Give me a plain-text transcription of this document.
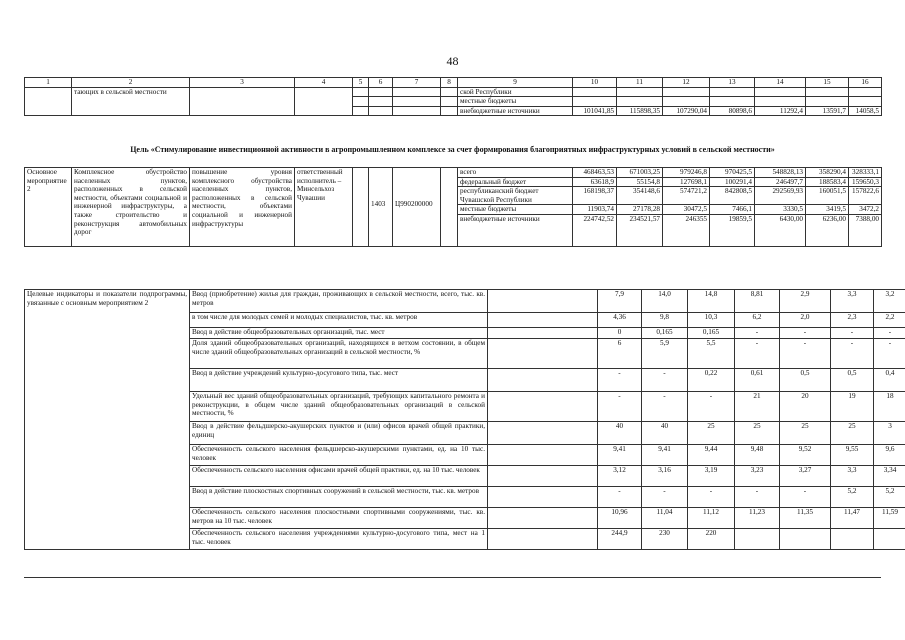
48
1	2	3	4	5	6	7	8	9	10	11	12	13	14	15	16
	тающих в сельской местности							ской Республики							
								местные бюджеты							
								внебюджетные источники	101041,85	115898,35	107290,04	80898,6	11292,4	13591,7	14058,5
Цель «Стимулирование инвестиционной активности в агропромышленном комплексе за счет формирования благоприятных инфраструктурных условий в сельской местности»
Основное мероприятие 2	Комплексное обустройство населенных пунктов, расположенных в сельской местности, объектами социальной и инженерной инфраструктуры, а также строительство и реконструкция автомобильных дорог	повышение уровня комплексного обустройства населенных пунктов, расположенных в сельской местности, объектами социальной и инженерной инфраструктуры	ответственный исполнитель – Минсельхоз Чувашии		1403	Ц990200000		всего	468463,53	671003,25	979246,8	970425,5	548828,13	358290,4	328333,1
								федеральный бюджет	63618,9	55154,8	127698,1	100291,4	246497,7	188583,4	159650,3
								республиканский бюджет Чувашской Республики	168198,37	354148,6	574721,2	842808,5	292569,93	160051,5	157822,6
								местные бюджеты	11903,74	27178,28	30472,5	7466,1	3330,5	3419,5	3472,2
								внебюджетные источники	224742,52	234521,57	246355	19859,5	6430,00	6236,00	7388,00
Целевые индикаторы и показатели подпрограммы, увязанные с основным мероприятием 2	Ввод (приобретение) жилья для граждан, проживающих в сельской местности, всего, тыс. кв. метров		7,9	14,0	14,8	8,81	2,9	3,3	3,2
	в том числе для молодых семей и молодых специалистов, тыс. кв. метров		4,36	9,8	10,3	6,2	2,0	2,3	2,2
	Ввод в действие общеобразовательных организаций, тыс. мест		0	0,165	0,165	-	-	-	-
	Доля зданий общеобразовательных организаций, находящихся в ветхом состоянии, в общем числе зданий общеобразовательных организаций в сельской местности, %		6	5,9	5,5	-	-	-	-
	Ввод в действие учреждений культурно-досугового типа, тыс. мест		-	-	0,22	0,61	0,5	0,5	0,4
	Удельный вес зданий общеобразовательных организаций, требующих капитального ремонта и реконструкции, в общем числе зданий общеобразовательных организаций в сельской местности, %		-	-	-	21	20	19	18
	Ввод в действие фельдшерско-акушерских пунктов и (или) офисов врачей общей практики, единиц		40	40	25	25	25	25	3
	Обеспеченность сельского населения фельдшерско-акушерскими пунктами, ед. на 10 тыс. человек		9,41	9,41	9,44	9,48	9,52	9,55	9,6
	Обеспеченность сельского населения офисами врачей общей практики, ед. на 10 тыс. человек		3,12	3,16	3,19	3,23	3,27	3,3	3,34
	Ввод в действие плоскостных спортивных сооружений в сельской местности, тыс. кв. метров		-	-	-	-	-	5,2	5,2
	Обеспеченность сельского населения плоскостными спортивными сооружениями, тыс. кв. метров на 10 тыс. человек		10,96	11,04	11,12	11,23	11,35	11,47	11,59
	Обеспеченность сельского населения учреждениями культурно-досугового типа, мест на 1 тыс. человек		244,9	230	220				
